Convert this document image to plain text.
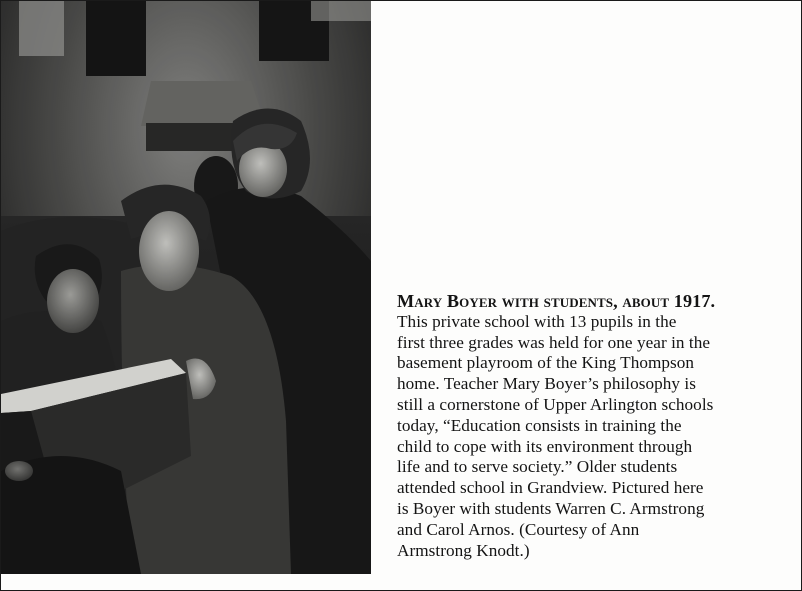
Mary Boyer with students, about 1917.
This private school with 13 pupils in the
first three grades was held for one year in the
basement playroom of the King Thompson
home. Teacher Mary Boyer’s philosophy is
still a cornerstone of Upper Arlington schools
today, “Education consists in training the
child to cope with its environment through
life and to serve society.” Older students
attended school in Grandview. Pictured here
is Boyer with students Warren C. Armstrong
and Carol Arnos. (Courtesy of Ann
Armstrong Knodt.)
